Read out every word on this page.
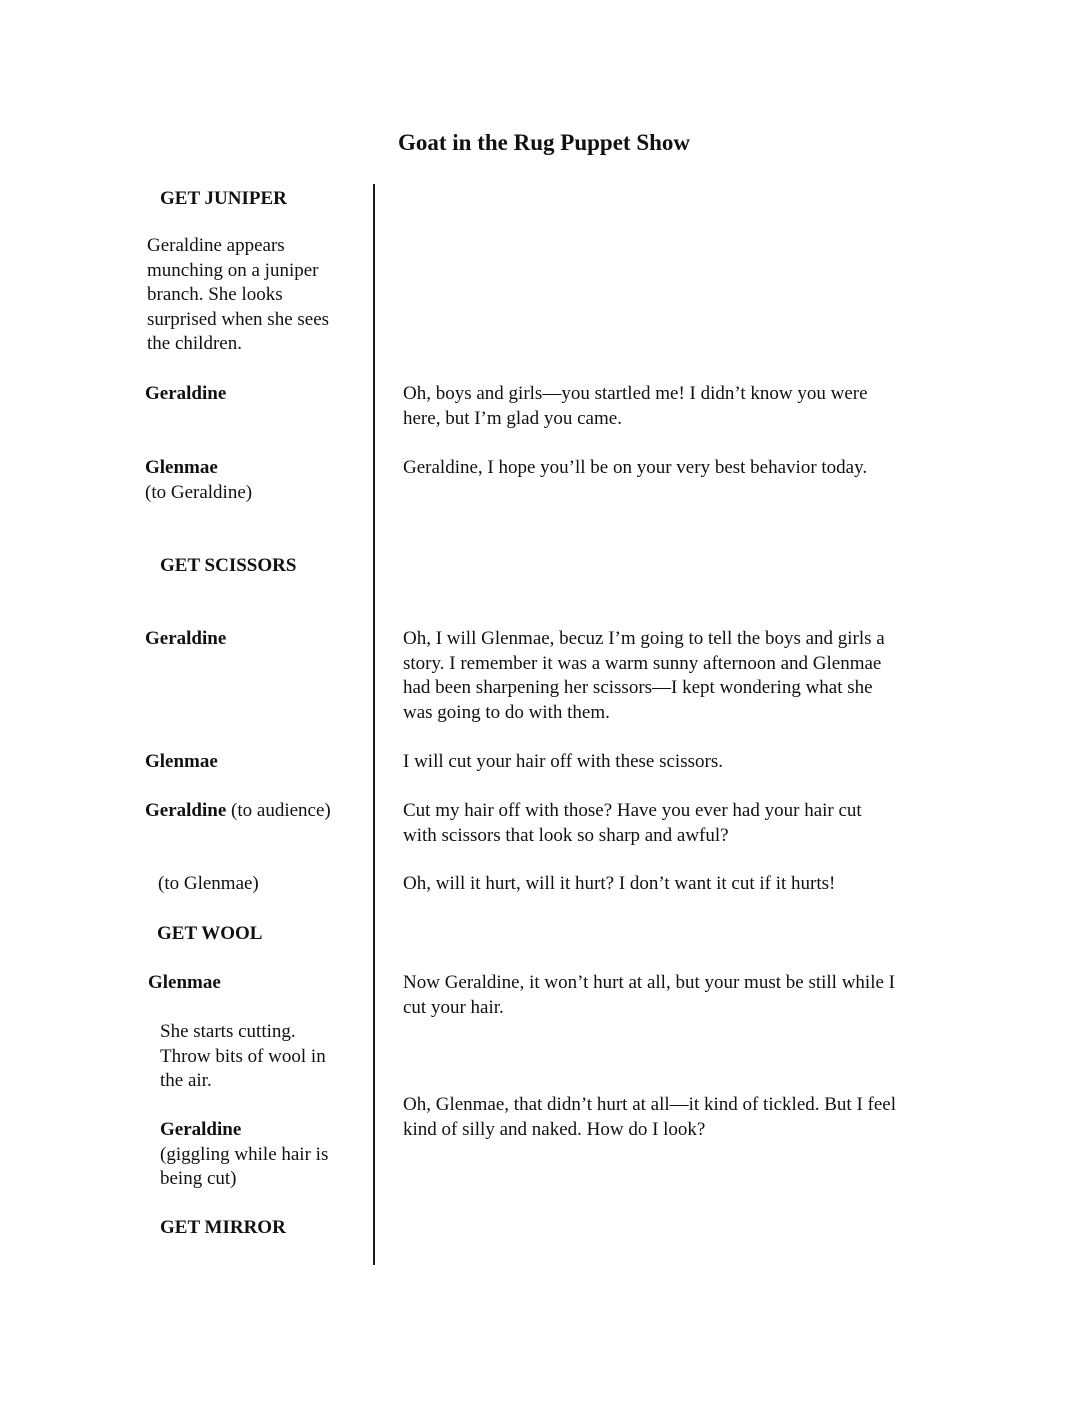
Goat in the Rug Puppet Show
GET JUNIPER
Geraldine appears
munching on a juniper
branch. She looks
surprised when she sees
the children.
Geraldine
Glenmae
(to Geraldine)
GET SCISSORS
Geraldine
Glenmae
Geraldine (to audience)
(to Glenmae)
GET WOOL
Glenmae
She starts cutting.
Throw bits of wool in
the air.
Geraldine
(giggling while hair is
being cut)
GET MIRROR
Oh, boys and girls—you startled me! I didn’t know you were
here, but I’m glad you came.
Geraldine, I hope you’ll be on your very best behavior today.
Oh, I will Glenmae, becuz I’m going to tell the boys and girls a
story. I remember it was a warm sunny afternoon and Glenmae
had been sharpening her scissors—I kept wondering what she
was going to do with them.
I will cut your hair off with these scissors.
Cut my hair off with those? Have you ever had your hair cut
with scissors that look so sharp and awful?
Oh, will it hurt, will it hurt? I don’t want it cut if it hurts!
Now Geraldine, it won’t hurt at all, but your must be still while I
cut your hair.
Oh, Glenmae, that didn’t hurt at all—it kind of tickled. But I feel
kind of silly and naked. How do I look?
